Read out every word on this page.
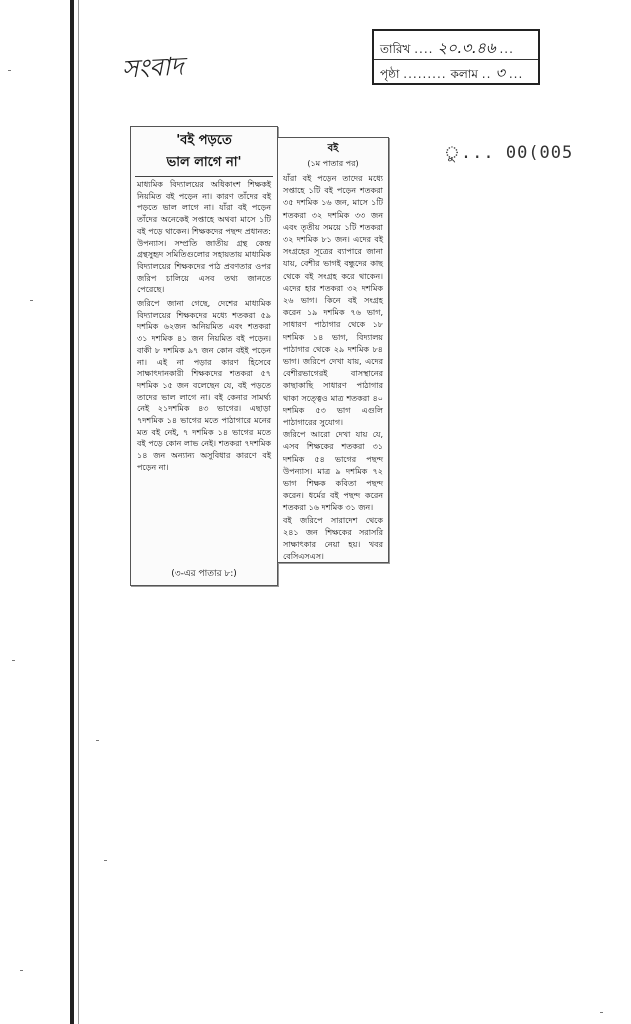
সংবাদ
তারিখ .... ২০.৩.৪৬ ...
পৃষ্ঠা ......... কলাম .. ৩ ...
ু... 00(005
'বই পড়তে
ভাল লাগে না'

মাধ্যমিক বিদ্যালয়ের অধিকাংশ শিক্ষকই নিয়মিত বই পড়েন না। কারণ তাঁদের বই পড়তে ভাল লাগে না। যাঁরা বই পড়েন তাঁদের অনেকেই সপ্তাহে অথবা মাসে ১টি বই পড়ে থাকেন। শিক্ষকদের পছন্দ প্রধানত: উপন্যাস। সম্প্রতি জাতীয় গ্রন্থ কেন্দ্র গ্রন্থসুহৃদ সমিতিগুলোর সহায়তায় মাধ্যমিক বিদ্যালয়ের শিক্ষকদের পাঠ প্রবণতার ওপর জরিপ চালিয়ে এসব তথ্য জানতে পেরেছে।

জরিপে জানা গেছে, দেশের মাধ্যমিক বিদ্যালয়ের শিক্ষকদের মধ্যে শতকরা ৫৯ দশমিক ৬২জন অনিয়মিত এবং শতকরা ৩১ দশমিক ৪১ জন নিয়মিত বই পড়েন। বাকী ৮ দশমিক ৯৭ জন কোন বইই পড়েন না। এই না পড়ার কারণ হিসেবে সাক্ষাৎদানকারী শিক্ষকদের শতকরা ৫৭ দশমিক ১৫ জন বলেছেন যে, বই পড়তে তাদের ভাল লাগে না। বই কেনার সামর্থ্য নেই ২১দশমিক ৪৩ ভাগের। এছাড়া ৭দশমিক ১৪ ভাগের মতে পাঠাগারে মনের মত বই নেই, ৭ দশমিক ১৪ ভাগের মতে বই পড়ে কোন লাভ নেই। শতকরা ৭দশমিক ১৪ জন অন্যান্য অসুবিধার কারণে বই পড়েন না।

(৩-এর পাতার ৮:)
বই
(১ম পাতার পর)

যাঁরা বই পড়েন তাদের মধ্যে সপ্তাহে ১টি বই পড়েন শতকরা ৩৫ দশমিক ১৬ জন, মাসে ১টি শতকরা ৩২ দশমিক ৩৩ জন এবং তৃতীয় সময়ে ১টি শতকরা ৩২ দশমিক ৮১ জন। এদের বই সংগ্রহের সূত্রের ব্যাপারে জানা যায়, বেশীর ভাগই বন্ধুদের কাছ থেকে বই সংগ্রহ করে থাকেন। এদের হার শতকরা ৩২ দশমিক ২৬ ভাগ। কিনে বই সংগ্রহ করেন ১৯ দশমিক ৭৬ ভাগ, সাধারণ পাঠাগার থেকে ১৮ দশমিক ১৪ ভাগ, বিদ্যালয় পাঠাগার থেকে ২৯ দশমিক ৮৪ ভাগ। জরিপে দেখা যায়, এদের বেশীরভাগেরই বাসস্থানের কাছাকাছি সাধারণ পাঠাগার থাকা সত্ত্বেও মাত্র শতকরা ৪০ দশমিক ৫৩ ভাগ এগুলি পাঠাগারের সুযোগ।

জরিপে আরো দেখা যায় যে, এসব শিক্ষকের শতকরা ৩১ দশমিক ৫৪ ভাগের পছন্দ উপন্যাস। মাত্র ৯ দশমিক ৭২ ভাগ শিক্ষক কবিতা পছন্দ করেন। ধর্মের বই পছন্দ করেন শতকরা ১৬ দশমিক ৩১ জন।

বই জরিপে সারাদেশ থেকে ২৪১ জন শিক্ষকের সরাসরি সাক্ষাৎকার নেয়া হয়। খবর বেসিএসএস।
